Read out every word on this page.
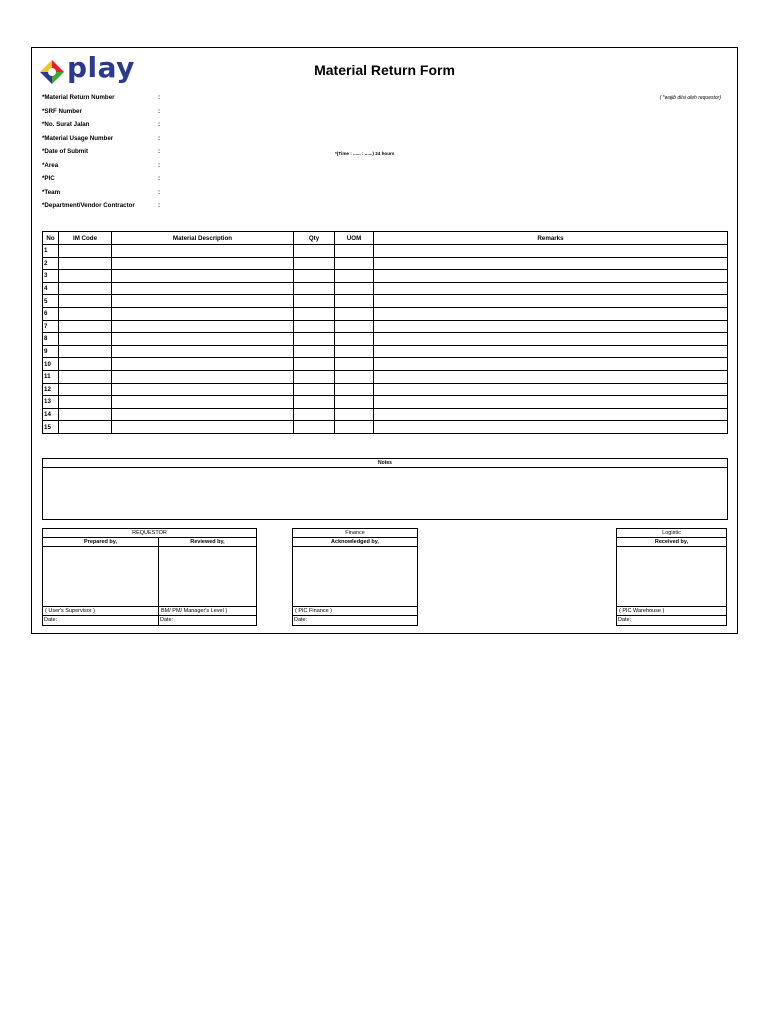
play	Material Return Form
( *wajib diisi oleh requestor)
*Material Return Number	:
*SRF Number	:
*No. Surat Jalan	:
*Material Usage Number	:
*Date of Submit	:
*Area	:
*PIC	:
*Team	:
*Department/Vendor Contractor	:
*(Time : ...... : ......) 24 hours
No	IM Code	Material Description	Qty	UOM	Remarks
1					
2					
3					
4					
5					
6					
7					
8					
9					
10					
11					
12					
13					
14					
15					
Notes
REQUESTOR
Prepared by,
( User's Supervisor )
Date:
Reviewed by,
BM/ PM/ Manager's Level )
Date:
Finance
Acknowledged by,
( PIC Finance )
Date:
Logistic
Received by,
( PIC Warehouse )
Date:
